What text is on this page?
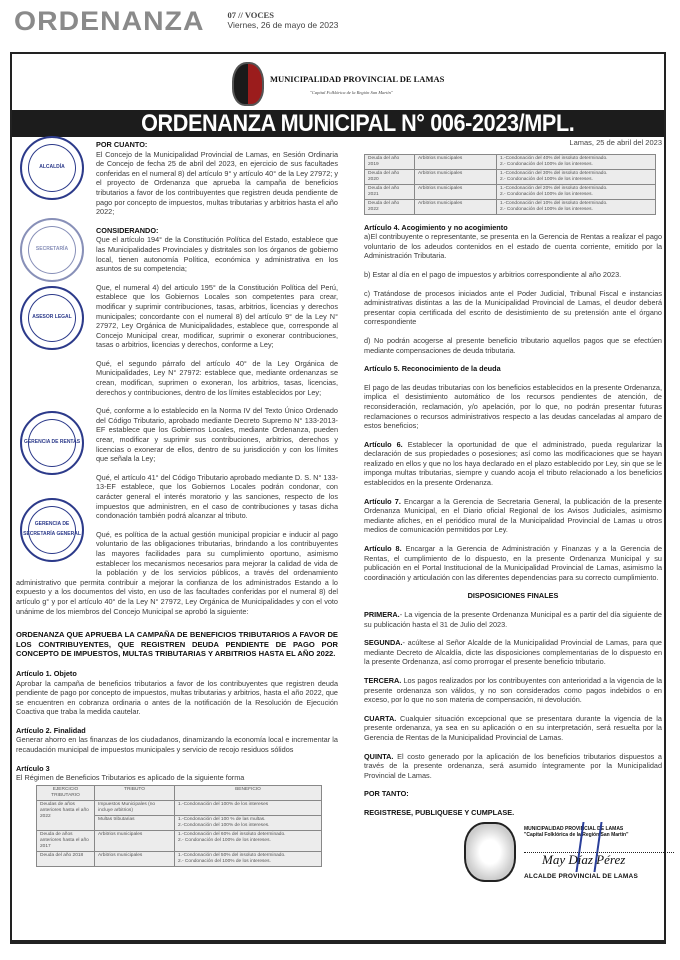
ORDENANZA	07 // VOCES
Viernes, 26 de mayo de 2023
MUNICIPALIDAD PROVINCIAL DE LAMAS
"Capital Folklórica de la Región San Martín"
ORDENANZA MUNICIPAL N° 006-2023/MPL.
ALCALDÍA
SECRETARÍA
ASESOR LEGAL
GERENCIA DE RENTAS
GERENCIA DE SECRETARÍA GENERAL
POR CUANTO:
El Concejo de la Municipalidad Provincial de Lamas, en Sesión Ordinaria de Concejo de fecha 25 de abril del 2023, en ejercicio de sus facultades conferidas en el numeral 8) del artículo 9° y artículo 40° de la Ley 27972; y el proyecto de Ordenanza que aprueba la campaña de beneficios tributarios a favor de los contribuyentes que registren deuda pendiente de pago por concepto de impuestos, multas tributarias y arbitrios hasta el año 2022;
CONSIDERANDO:
Que el artículo 194° de la Constitución Política del Estado, establece que las Municipalidades Provinciales y distritales son los órganos de gobierno local, tienen autonomía Política, económica y administrativa en los asuntos de su competencia;
Que, el numeral 4) del articulo 195° de la Constitución Política del Perú, establece que los Gobiernos Locales son competentes para crear, modificar y suprimir contribuciones, tasas, arbitrios, licencias y derechos municipales; concordante con el numeral 8) del artículo 9° de la Ley N° 27972, Ley Orgánica de Municipalidades, establece que, corresponde al Concejo Municipal crear, modificar, suprimir o exonerar contribuciones, tasas o arbitrios, licencias y derechos, conforme a Ley;
Qué, el segundo párrafo del artículo 40° de la Ley Orgánica de Municipalidades, Ley N° 27972: establece que, mediante ordenanzas se crean, modifican, suprimen o exoneran, los arbitrios, tasas, licencias, derechos y contribuciones, dentro de los límites establecidos por Ley;
Qué, conforme a lo establecido en la Norma IV del Texto Único Ordenado del Código Tributario, aprobado mediante Decreto Supremo N° 133-2013-EF establece que los Gobiernos Locales, mediante Ordenanza, pueden crear, modificar y suprimir sus contribuciones, arbitrios, derechos y licencias o exonerar de ellos, dentro de su jurisdicción y con los límites que señala la Ley;
Qué, el artículo 41° del Código Tributario aprobado mediante D. S. N° 133-13-EF establece, que los Gobiernos Locales podrán condonar, con carácter general el interés moratorio y las sanciones, respecto de los impuestos que administren, en el caso de contribuciones y tasas dicha condonación también podrá alcanzar al tributo.
Qué, es política de la actual gestión municipal propiciar e inducir al pago voluntario de las obligaciones tributarias, brindando a los contribuyentes las mayores facilidades para su cumplimiento oportuno, asimismo establecer los mecanismos necesarios para mejorar la calidad de vida de la población y de los servicios públicos, a través del ordenamiento administrativo que permita contribuir a mejorar la confianza de los administrados Estando a lo expuesto y a los documentos del visto, en uso de las facultades conferidas por el numeral 8) del artículo g° y por el artículo 40° de la Ley N° 27972, Ley Orgánica de Municipalidades y con el voto unánime de los miembros del Concejo Municipal se aprobó la siguiente:
ORDENANZA QUE APRUEBA LA CAMPAÑA DE BENEFICIOS TRIBUTARIOS A FAVOR DE LOS CONTRIBUYENTES, QUE REGISTREN DEUDA PENDIENTE DE PAGO POR CONCEPTO DE IMPUESTOS, MULTAS TRIBUTARIAS Y ARBITRIOS HASTA EL AÑO 2022.
Artículo 1. Objeto
Aprobar la campaña de beneficios tributarios a favor de los contribuyentes que registren deuda pendiente de pago por concepto de impuestos, multas tributarias y arbitrios, hasta el año 2022, que se encuentren en cobranza ordinaria o antes de la notificación de la Resolución de Ejecución Coactiva que traba la medida cautelar.
Artículo 2. Finalidad
Generar ahorro en las finanzas de los ciudadanos, dinamizando la economía local e incrementar la recaudación municipal de impuestos municipales y servicio de recojo residuos sólidos
Artículo 3
El Régimen de Beneficios Tributarios es aplicado de la siguiente forma
EJERCICIO TRIBUTARIO	TRIBUTO	BENEFICIO
Deudas de años anteriores hasta el año 2022	Impuestos Municipales (no incluye arbitrios)	1.-Condonación del 100% de los intereses

	Multas tributarias	1.-Condonación del 100 % de las multas.
2.-Condonación del 100% de los intereses.

Deuda de años anteriores hasta el año 2017	Arbitrios municipales	1.-Condonación del 60% del insoluto determinado.
2.- Condonación del 100% de los intereses.

Deuda del año 2018	Arbitrios municipales	1.-Condonación del 50% del insoluto determinado.
2.- Condonación del 100% de los intereses.
Lamas, 25 de abril del 2023
Deuda del año 2019	Arbitrios municipales	1.-Condonación del 40% del insoluto determinado.
2.- Condonación del 100% de los intereses.

Deuda del año 2020	Arbitrios municipales	1.-Condonación del 30% del insoluto determinado.
2.- Condonación del 100% de los intereses.

Deuda del año 2021	Arbitrios municipales	1.-Condonación del 20% del insoluto determinado.
2.- Condonación del 100% de los intereses.

Deuda del año 2022	Arbitrios municipales	1.-Condonación del 10% del insoluto determinado.
2.- Condonación del 100% de los intereses.
Artículo 4. Acogimiento y no acogimiento
a)El contribuyente o representante, se presenta en la Gerencia de Rentas a realizar el pago voluntario de los adeudos contenidos en el estado de cuenta corriente, emitido por la Administración Tributaria.
b) Estar al día en el pago de impuestos y arbitrios correspondiente al año 2023.
c) Tratándose de procesos iniciados ante el Poder Judicial, Tribunal Fiscal e instancias administrativas distintas a las de la Municipalidad Provincial de Lamas, el deudor deberá presentar copia certificada del escrito de desistimiento de su pretensión ante el órgano correspondiente
d) No podrán acogerse al presente beneficio tributario aquellos pagos que se efectúen mediante compensaciones de deuda tributaria.
Artículo 5. Reconocimiento de la deuda
El pago de las deudas tributarias con los beneficios establecidos en la presente Ordenanza, implica el desistimiento automático de los recursos pendientes de atención, de reconsideración, reclamación, y/o apelación, por lo que, no podrán presentar futuras reclamaciones o recursos administrativos respecto a las deudas canceladas al amparo de estos beneficios;
Artículo 6. Establecer la oportunidad de que el administrado, pueda regularizar la declaración de sus propiedades o posesiones; así como las modificaciones que se hayan realizado en ellos y que no los haya declarado en el plazo establecido por Ley, sin que se le imponga multas tributarias, siempre y cuando acoja el tributo relacionado a los beneficios establecidos en la presente Ordenanza.
Artículo 7. Encargar a la Gerencia de Secretaria General, la publicación de la presente Ordenanza Municipal, en el Diario oficial Regional de los Avisos Judiciales, asimismo mediante afiches, en el periódico mural de la Municipalidad Provincial de Lamas u otros medios de comunicación permitidos por Ley.
Artículo 8. Encargar a la Gerencia de Administración y Finanzas y a la Gerencia de Rentas, el cumplimiento de lo dispuesto, en la presente Ordenanza Municipal y su publicación en el Portal Institucional de la Municipalidad Provincial de Lamas, asimismo la coordinación y articulación con las diferentes dependencias para su correcto cumplimiento.
DISPOSICIONES FINALES
PRIMERA.- La vigencia de la presente Ordenanza Municipal es a partir del día siguiente de su publicación hasta el 31 de Julio del 2023.
SEGUNDA.- acúltese al Señor Alcalde de la Municipalidad Provincial de Lamas, para que mediante Decreto de Alcaldía, dicte las disposiciones complementarias de lo dispuesto en la presente Ordenanza, así como prorrogar el presente beneficio tributario.
TERCERA. Los pagos realizados por los contribuyentes con anterioridad a la vigencia de la presente ordenanza son válidos, y no son considerados como pagos indebidos o en exceso, por lo que no son materia de compensación, ni devolución.
CUARTA. Cualquier situación excepcional que se presentara durante la vigencia de la presente ordenanza, ya sea en su aplicación o en su interpretación, será resuelta por la Gerencia de Rentas de la Municipalidad Provincial de Lamas.
QUINTA. El costo generado por la aplicación de los beneficios tributarios dispuestos a través de la presente ordenanza, será asumido íntegramente por la Municipalidad Provincial de Lamas.
POR TANTO:
REGISTRESE, PUBLIQUESE Y CUMPLASE.
MUNICIPALIDAD PROVINCIAL DE LAMAS
"Capital Folklórica de la Región San Martín"
May Díaz Pérez
ALCALDE PROVINCIAL DE LAMAS
